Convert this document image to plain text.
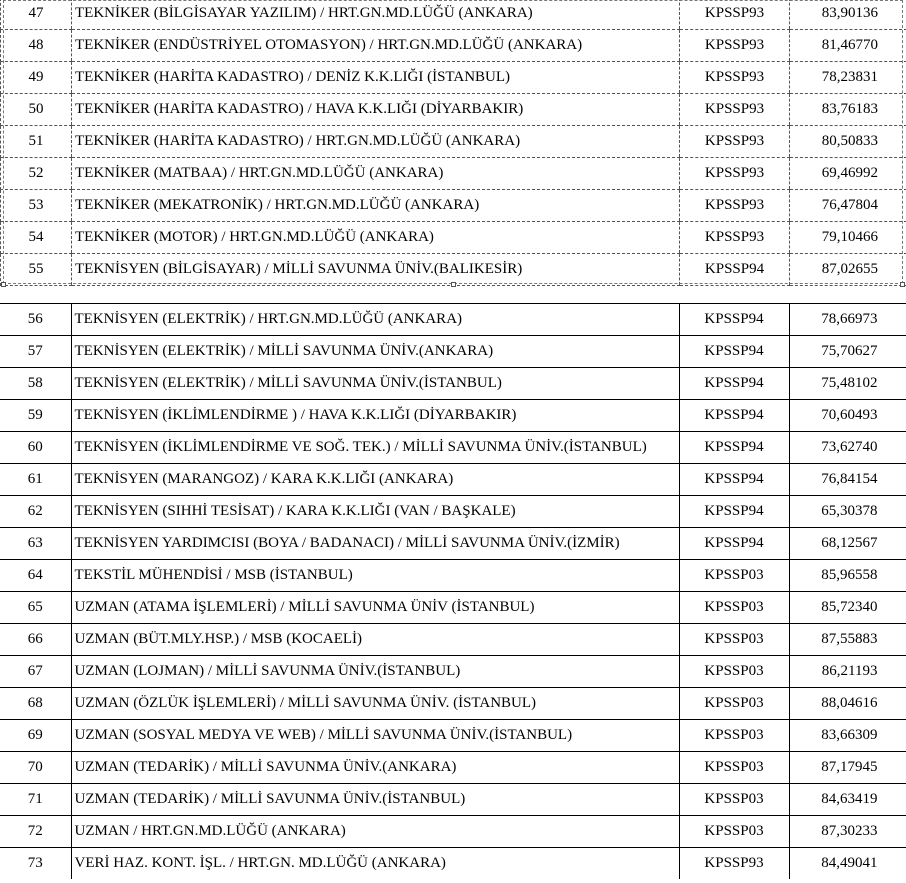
47	TEKNİKER (BİLGİSAYAR YAZILIM) / HRT.GN.MD.LÜĞÜ (ANKARA)	KPSSP93	83,90136
48	TEKNİKER (ENDÜSTRİYEL OTOMASYON) / HRT.GN.MD.LÜĞÜ (ANKARA)	KPSSP93	81,46770
49	TEKNİKER (HARİTA KADASTRO) / DENİZ K.K.LIĞI (İSTANBUL)	KPSSP93	78,23831
50	TEKNİKER (HARİTA KADASTRO) / HAVA K.K.LIĞI (DİYARBAKIR)	KPSSP93	83,76183
51	TEKNİKER (HARİTA KADASTRO) / HRT.GN.MD.LÜĞÜ (ANKARA)	KPSSP93	80,50833
52	TEKNİKER (MATBAA) / HRT.GN.MD.LÜĞÜ (ANKARA)	KPSSP93	69,46992
53	TEKNİKER (MEKATRONİK) / HRT.GN.MD.LÜĞÜ (ANKARA)	KPSSP93	76,47804
54	TEKNİKER (MOTOR) / HRT.GN.MD.LÜĞÜ (ANKARA)	KPSSP93	79,10466
55	TEKNİSYEN (BİLGİSAYAR) / MİLLİ SAVUNMA ÜNİV.(BALIKESİR)	KPSSP94	87,02655
56	TEKNİSYEN (ELEKTRİK) / HRT.GN.MD.LÜĞÜ (ANKARA)	KPSSP94	78,66973
57	TEKNİSYEN (ELEKTRİK) / MİLLİ SAVUNMA ÜNİV.(ANKARA)	KPSSP94	75,70627
58	TEKNİSYEN (ELEKTRİK) / MİLLİ SAVUNMA ÜNİV.(İSTANBUL)	KPSSP94	75,48102
59	TEKNİSYEN (İKLİMLENDİRME ) / HAVA K.K.LIĞI (DİYARBAKIR)	KPSSP94	70,60493
60	TEKNİSYEN (İKLİMLENDİRME VE SOĞ. TEK.) / MİLLİ SAVUNMA ÜNİV.(İSTANBUL)	KPSSP94	73,62740
61	TEKNİSYEN (MARANGOZ) / KARA K.K.LIĞI (ANKARA)	KPSSP94	76,84154
62	TEKNİSYEN (SIHHİ TESİSAT) / KARA K.K.LIĞI (VAN / BAŞKALE)	KPSSP94	65,30378
63	TEKNİSYEN YARDIMCISI (BOYA / BADANACI) / MİLLİ SAVUNMA ÜNİV.(İZMİR)	KPSSP94	68,12567
64	TEKSTİL MÜHENDİSİ / MSB (İSTANBUL)	KPSSP03	85,96558
65	UZMAN (ATAMA İŞLEMLERİ) / MİLLİ SAVUNMA ÜNİV (İSTANBUL)	KPSSP03	85,72340
66	UZMAN (BÜT.MLY.HSP.) / MSB (KOCAELİ)	KPSSP03	87,55883
67	UZMAN (LOJMAN) / MİLLİ SAVUNMA ÜNİV.(İSTANBUL)	KPSSP03	86,21193
68	UZMAN (ÖZLÜK İŞLEMLERİ) / MİLLİ SAVUNMA ÜNİV. (İSTANBUL)	KPSSP03	88,04616
69	UZMAN (SOSYAL MEDYA VE WEB) / MİLLİ SAVUNMA ÜNİV.(İSTANBUL)	KPSSP03	83,66309
70	UZMAN (TEDARİK) / MİLLİ SAVUNMA ÜNİV.(ANKARA)	KPSSP03	87,17945
71	UZMAN (TEDARİK) / MİLLİ SAVUNMA ÜNİV.(İSTANBUL)	KPSSP03	84,63419
72	UZMAN / HRT.GN.MD.LÜĞÜ (ANKARA)	KPSSP03	87,30233
73	VERİ HAZ. KONT. İŞL. / HRT.GN. MD.LÜĞÜ (ANKARA)	KPSSP93	84,49041
